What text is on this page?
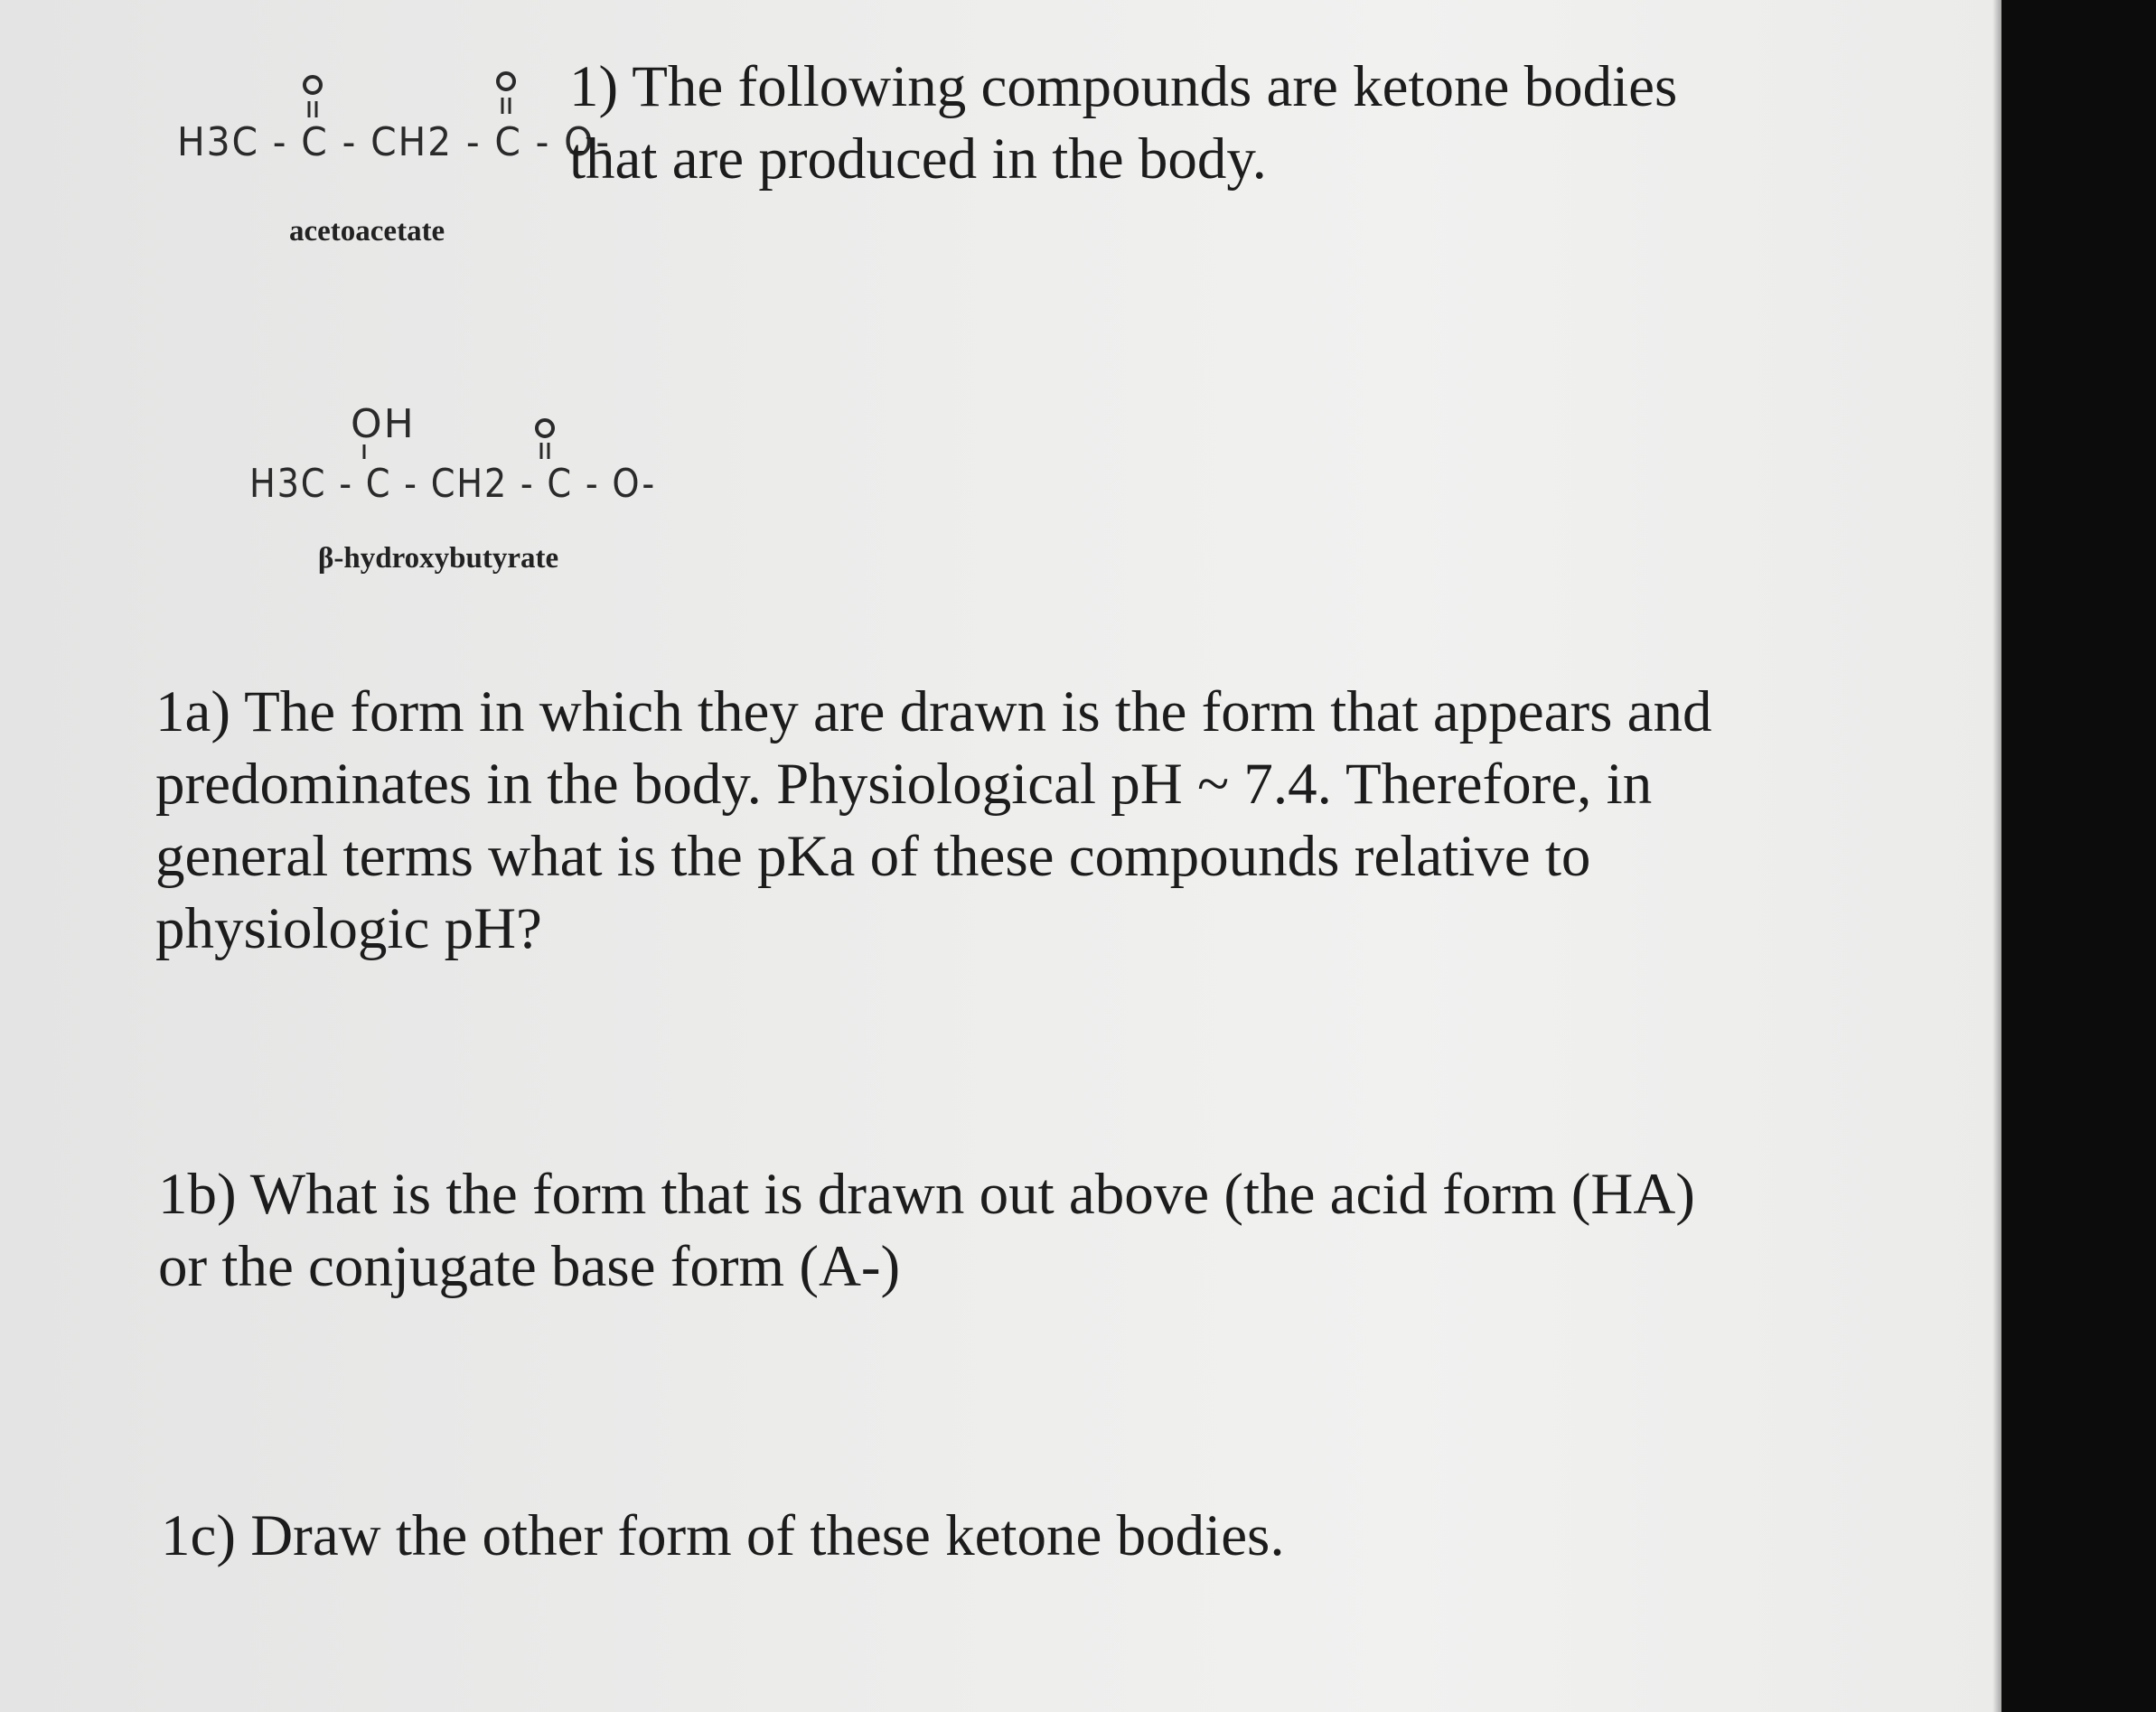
H3C - C - CH2 - C - O-

acetoacetate

OH
H3C - C - CH2 - C - O-

β-hydroxybutyrate

1) The following compounds are ketone bodies
that are produced in the body.

1a) The form in which they are drawn is the form that appears and
predominates in the body. Physiological pH ~ 7.4. Therefore, in
general terms what is the pKa of these compounds relative to
physiologic pH?

1b) What is the form that is drawn out above (the acid form (HA)
or the conjugate base form (A-)

1c) Draw the other form of these ketone bodies.
